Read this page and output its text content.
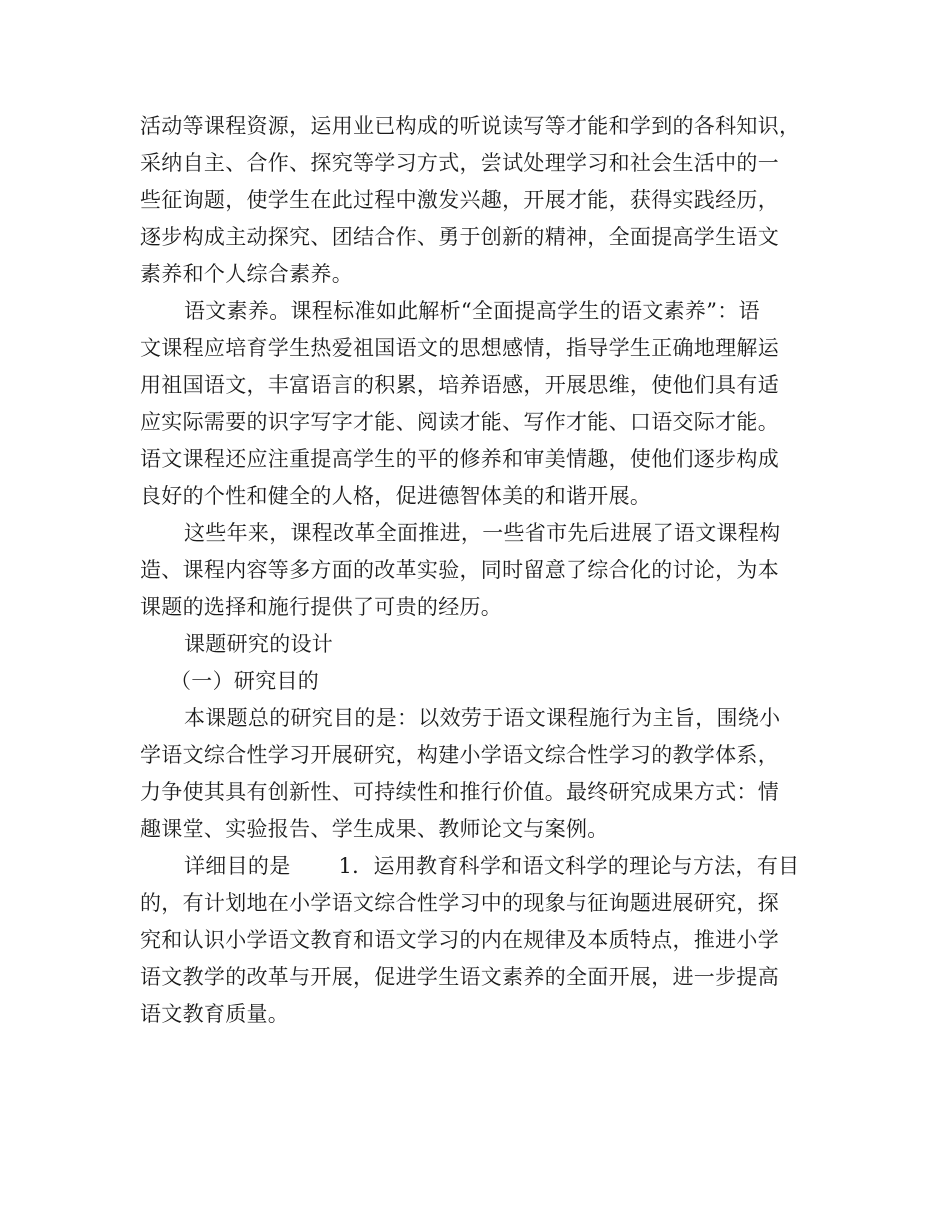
活动等课程资源，运用业已构成的听说读写等才能和学到的各科知识，
采纳自主、合作、探究等学习方式，尝试处理学习和社会生活中的一
些征询题，使学生在此过程中激发兴趣，开展才能，获得实践经历，
逐步构成主动探究、团结合作、勇于创新的精神，全面提高学生语文
素养和个人综合素养。
语文素养。课程标准如此解析“全面提高学生的语文素养”：语
文课程应培育学生热爱祖国语文的思想感情，指导学生正确地理解运
用祖国语文，丰富语言的积累，培养语感，开展思维，使他们具有适
应实际需要的识字写字才能、阅读才能、写作才能、口语交际才能。
语文课程还应注重提高学生的平的修养和审美情趣，使他们逐步构成
良好的个性和健全的人格，促进德智体美的和谐开展。
这些年来，课程改革全面推进，一些省市先后进展了语文课程构
造、课程内容等多方面的改革实验，同时留意了综合化的讨论，为本
课题的选择和施行提供了可贵的经历。
课题研究的设计
（一）研究目的
本课题总的研究目的是：以效劳于语文课程施行为主旨，围绕小
学语文综合性学习开展研究，构建小学语文综合性学习的教学体系，
力争使其具有创新性、可持续性和推行价值。最终研究成果方式：情
趣课堂、实验报告、学生成果、教师论文与案例。
详细目的是 1．运用教育科学和语文科学的理论与方法，有目
的，有计划地在小学语文综合性学习中的现象与征询题进展研究，探
究和认识小学语文教育和语文学习的内在规律及本质特点，推进小学
语文教学的改革与开展，促进学生语文素养的全面开展，进一步提高
语文教育质量。
